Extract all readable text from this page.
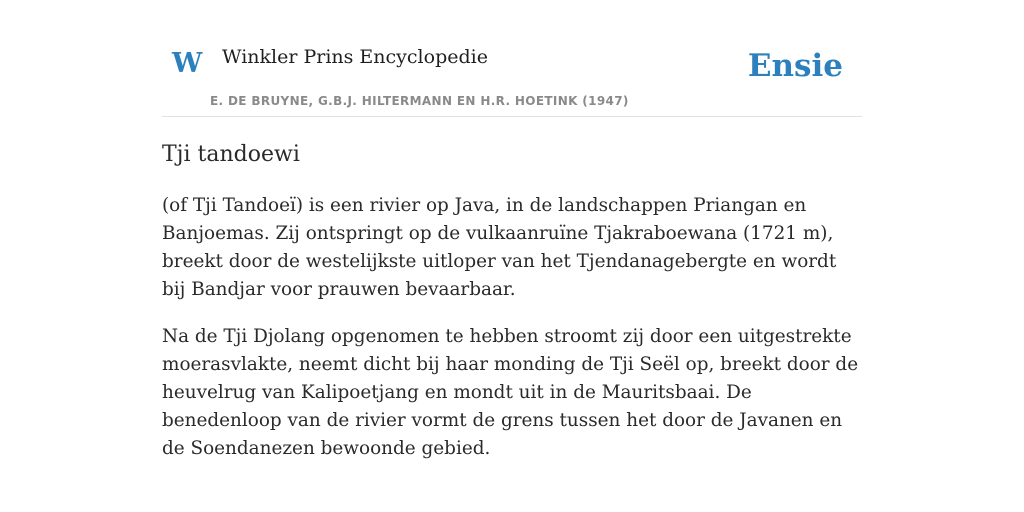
W Winkler Prins Encyclopedie
E. DE BRUYNE, G.B.J. HILTERMANN EN H.R. HOETINK (1947)
Ensie
Tji tandoewi

(of Tji Tandoeï) is een rivier op Java, in de landschappen Priangan en Banjoemas. Zij ontspringt op de vulkaanruïne Tjakraboewana (1721 m), breekt door de westelijkste uitloper van het Tjendanagebergte en wordt bij Bandjar voor prauwen bevaarbaar.

Na de Tji Djolang opgenomen te hebben stroomt zij door een uitgestrekte moerasvlakte, neemt dicht bij haar monding de Tji Seël op, breekt door de heuvelrug van Kalipoetjang en mondt uit in de Mauritsbaai. De benedenloop van de rivier vormt de grens tussen het door de Javanen en de Soendanezen bewoonde gebied.
